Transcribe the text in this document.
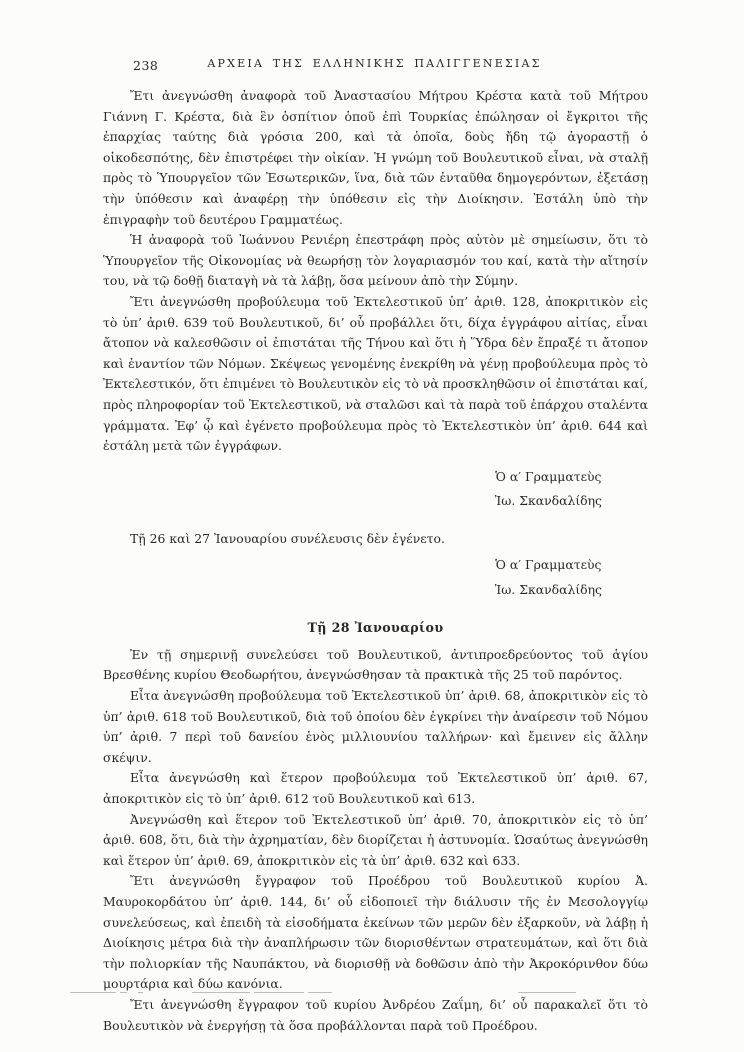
238	ΑΡΧΕΙΑ ΤΗΣ ΕΛΛΗΝΙΚΗΣ ΠΑΛΙΓΓΕΝΕΣΙΑΣ

Ἔτι ἀνεγνώσθη ἀναφορὰ τοῦ Ἀναστασίου Μήτρου Κρέστα κατὰ τοῦ Μήτρου Γιάννη Γ. Κρέστα, διὰ ἓν ὁσπίτιον ὁποῦ ἐπὶ Τουρκίας ἐπώλησαν οἱ ἔγκριτοι τῆς ἐπαρχίας ταύτης διὰ γρόσια 200, καὶ τὰ ὁποῖα, δοὺς ἤδη τῷ ἀγοραστῇ ὁ οἰκοδεσπότης, δὲν ἐπιστρέφει τὴν οἰκίαν. Ἡ γνώμη τοῦ Βουλευτικοῦ εἶναι, νὰ σταλῇ πρὸς τὸ Ὑπουργεῖον τῶν Ἐσωτερικῶν, ἵνα, διὰ τῶν ἐνταῦθα δημογερόντων, ἐξετάσῃ τὴν ὑπόθεσιν καὶ ἀναφέρῃ τὴν ὑπόθεσιν εἰς τὴν Διοίκησιν. Ἐστάλη ὑπὸ τὴν ἐπιγραφὴν τοῦ δευτέρου Γραμματέως.

Ἡ ἀναφορὰ τοῦ Ἰωάννου Ρενιέρη ἐπεστράφη πρὸς αὐτὸν μὲ σημείωσιν, ὅτι τὸ Ὑπουργεῖον τῆς Οἰκονομίας νὰ θεωρήσῃ τὸν λογαριασμόν του καί, κατὰ τὴν αἴτησίν του, νὰ τῷ δοθῇ διαταγὴ νὰ τὰ λάβῃ, ὅσα μείνουν ἀπὸ τὴν Σύμην.

Ἔτι ἀνεγνώσθη προβούλευμα τοῦ Ἐκτελεστικοῦ ὑπ’ ἀριθ. 128, ἀποκριτικὸν εἰς τὸ ὑπ’ ἀριθ. 639 τοῦ Βουλευτικοῦ, δι’ οὗ προβάλλει ὅτι, δίχα ἐγγράφου αἰτίας, εἶναι ἄτοπον νὰ καλεσθῶσιν οἱ ἐπιστάται τῆς Τήνου καὶ ὅτι ἡ Ὕδρα δὲν ἔπραξέ τι ἄτοπον καὶ ἐναντίον τῶν Νόμων. Σκέψεως γενομένης ἐνεκρίθη νὰ γένῃ προβούλευμα πρὸς τὸ Ἐκτελεστικόν, ὅτι ἐπιμένει τὸ Βουλευτικὸν εἰς τὸ νὰ προσκληθῶσιν οἱ ἐπιστάται καί, πρὸς πληροφορίαν τοῦ Ἐκτελεστικοῦ, νὰ σταλῶσι καὶ τὰ παρὰ τοῦ ἐπάρχου σταλέντα γράμματα. Ἐφ’ ᾧ καὶ ἐγένετο προβούλευμα πρὸς τὸ Ἐκτελεστικὸν ὑπ’ ἀριθ. 644 καὶ ἐστάλη μετὰ τῶν ἐγγράφων.

Ὁ α′ Γραμματεὺς
Ἰω. Σκανδαλίδης

Τῇ 26 καὶ 27 Ἰανουαρίου συνέλευσις δὲν ἐγένετο.

Ὁ α′ Γραμματεὺς
Ἰω. Σκανδαλίδης
Τῇ 28 Ἰανουαρίου

Ἐν τῇ σημερινῇ συνελεύσει τοῦ Βουλευτικοῦ, ἀντιπροεδρεύοντος τοῦ ἁγίου Βρεσθένης κυρίου Θεοδωρήτου, ἀνεγνώσθησαν τὰ πρακτικὰ τῆς 25 τοῦ παρόντος.

Εἶτα ἀνεγνώσθη προβούλευμα τοῦ Ἐκτελεστικοῦ ὑπ’ ἀριθ. 68, ἀποκριτικὸν εἰς τὸ ὑπ’ ἀριθ. 618 τοῦ Βουλευτικοῦ, διὰ τοῦ ὁποίου δὲν ἐγκρίνει τὴν ἀναίρεσιν τοῦ Νόμου ὑπ’ ἀριθ. 7 περὶ τοῦ δανείου ἑνὸς μιλλιουνίου ταλλήρων· καὶ ἔμεινεν εἰς ἄλλην σκέψιν.

Εἶτα ἀνεγνώσθη καὶ ἕτερον προβούλευμα τοῦ Ἐκτελεστικοῦ ὑπ’ ἀριθ. 67, ἀποκριτικὸν εἰς τὸ ὑπ’ ἀριθ. 612 τοῦ Βουλευτικοῦ καὶ 613.

Ἀνεγνώσθη καὶ ἕτερον τοῦ Ἐκτελεστικοῦ ὑπ’ ἀριθ. 70, ἀποκριτικὸν εἰς τὸ ὑπ’ ἀριθ. 608, ὅτι, διὰ τὴν ἀχρηματίαν, δὲν διορίζεται ἡ ἀστυνομία. Ὡσαύτως ἀνεγνώσθη καὶ ἕτερον ὑπ’ ἀριθ. 69, ἀποκριτικὸν εἰς τὰ ὑπ’ ἀριθ. 632 καὶ 633.

Ἔτι ἀνεγνώσθη ἔγγραφον τοῦ Προέδρου τοῦ Βουλευτικοῦ κυρίου Ἀ. Μαυροκορδάτου ὑπ’ ἀριθ. 144, δι’ οὗ εἰδοποιεῖ τὴν διάλυσιν τῆς ἐν Μεσολογγίῳ συνελεύσεως, καὶ ἐπειδὴ τὰ εἰσοδήματα ἐκείνων τῶν μερῶν δὲν ἐξαρκοῦν, νὰ λάβῃ ἡ Διοίκησις μέτρα διὰ τὴν ἀναπλήρωσιν τῶν διορισθέντων στρατευμάτων, καὶ ὅτι διὰ τὴν πολιορκίαν τῆς Ναυπάκτου, νὰ διορισθῇ νὰ δοθῶσιν ἀπὸ τὴν Ἀκροκόρινθον δύω μουρτάρια καὶ δύω κανόνια.

Ἔτι ἀνεγνώσθη ἔγγραφον τοῦ κυρίου Ἀνδρέου Ζαΐμη, δι’ οὗ παρακαλεῖ ὅτι τὸ Βουλευτικὸν νὰ ἐνεργήσῃ τὰ ὅσα προβάλλονται παρὰ τοῦ Προέδρου.
